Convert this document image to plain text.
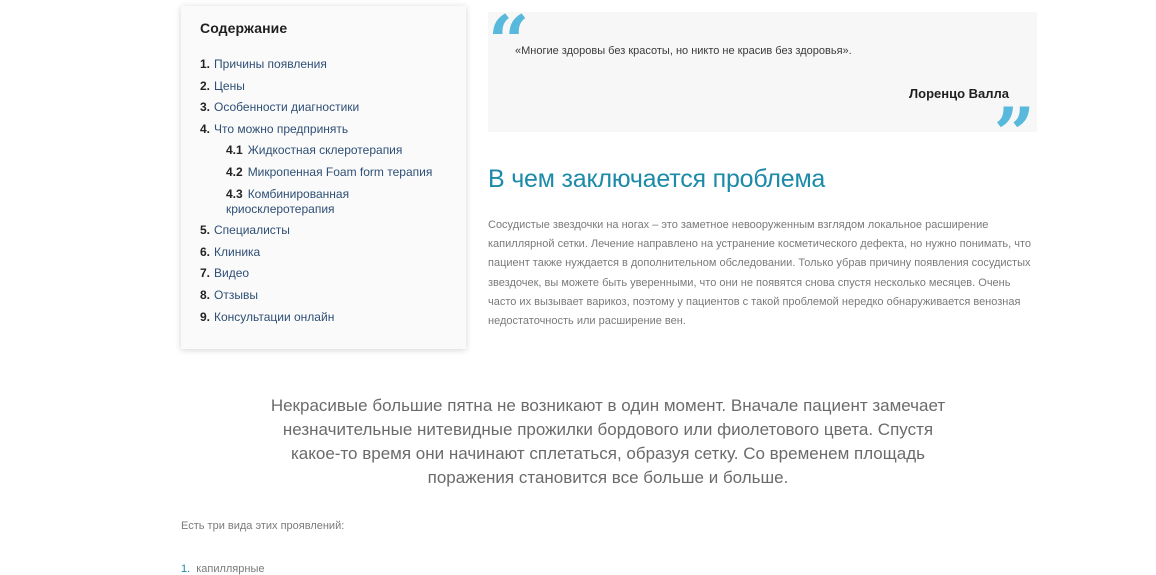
Содержание
1. Причины появления
2. Цены
3. Особенности диагностики
4. Что можно предпринять
4.1 Жидкостная склеротерапия
4.2 Микропенная Foam form терапия
4.3 Комбинированная криосклеротерапия
5. Специалисты
6. Клиника
7. Видео
8. Отзывы
9. Консультации онлайн
“
«Многие здоровы без красоты, но никто не красив без здоровья».
Лоренцо Валла
”
В чем заключается проблема

Сосудистые звездочки на ногах – это заметное невооруженным взглядом локальное расширение капиллярной сетки. Лечение направлено на устранение косметического дефекта, но нужно понимать, что пациент также нуждается в дополнительном обследовании. Только убрав причину появления сосудистых звездочек, вы можете быть уверенными, что они не появятся снова спустя несколько месяцев. Очень часто их вызывает варикоз, поэтому у пациентов с такой проблемой нередко обнаруживается венозная недостаточность или расширение вен.

Некрасивые большие пятна не возникают в один момент. Вначале пациент замечает незначительные нитевидные прожилки бордового или фиолетового цвета. Спустя какое-то время они начинают сплетаться, образуя сетку. Со временем площадь поражения становится все больше и больше.

Есть три вида этих проявлений:

1. капиллярные
